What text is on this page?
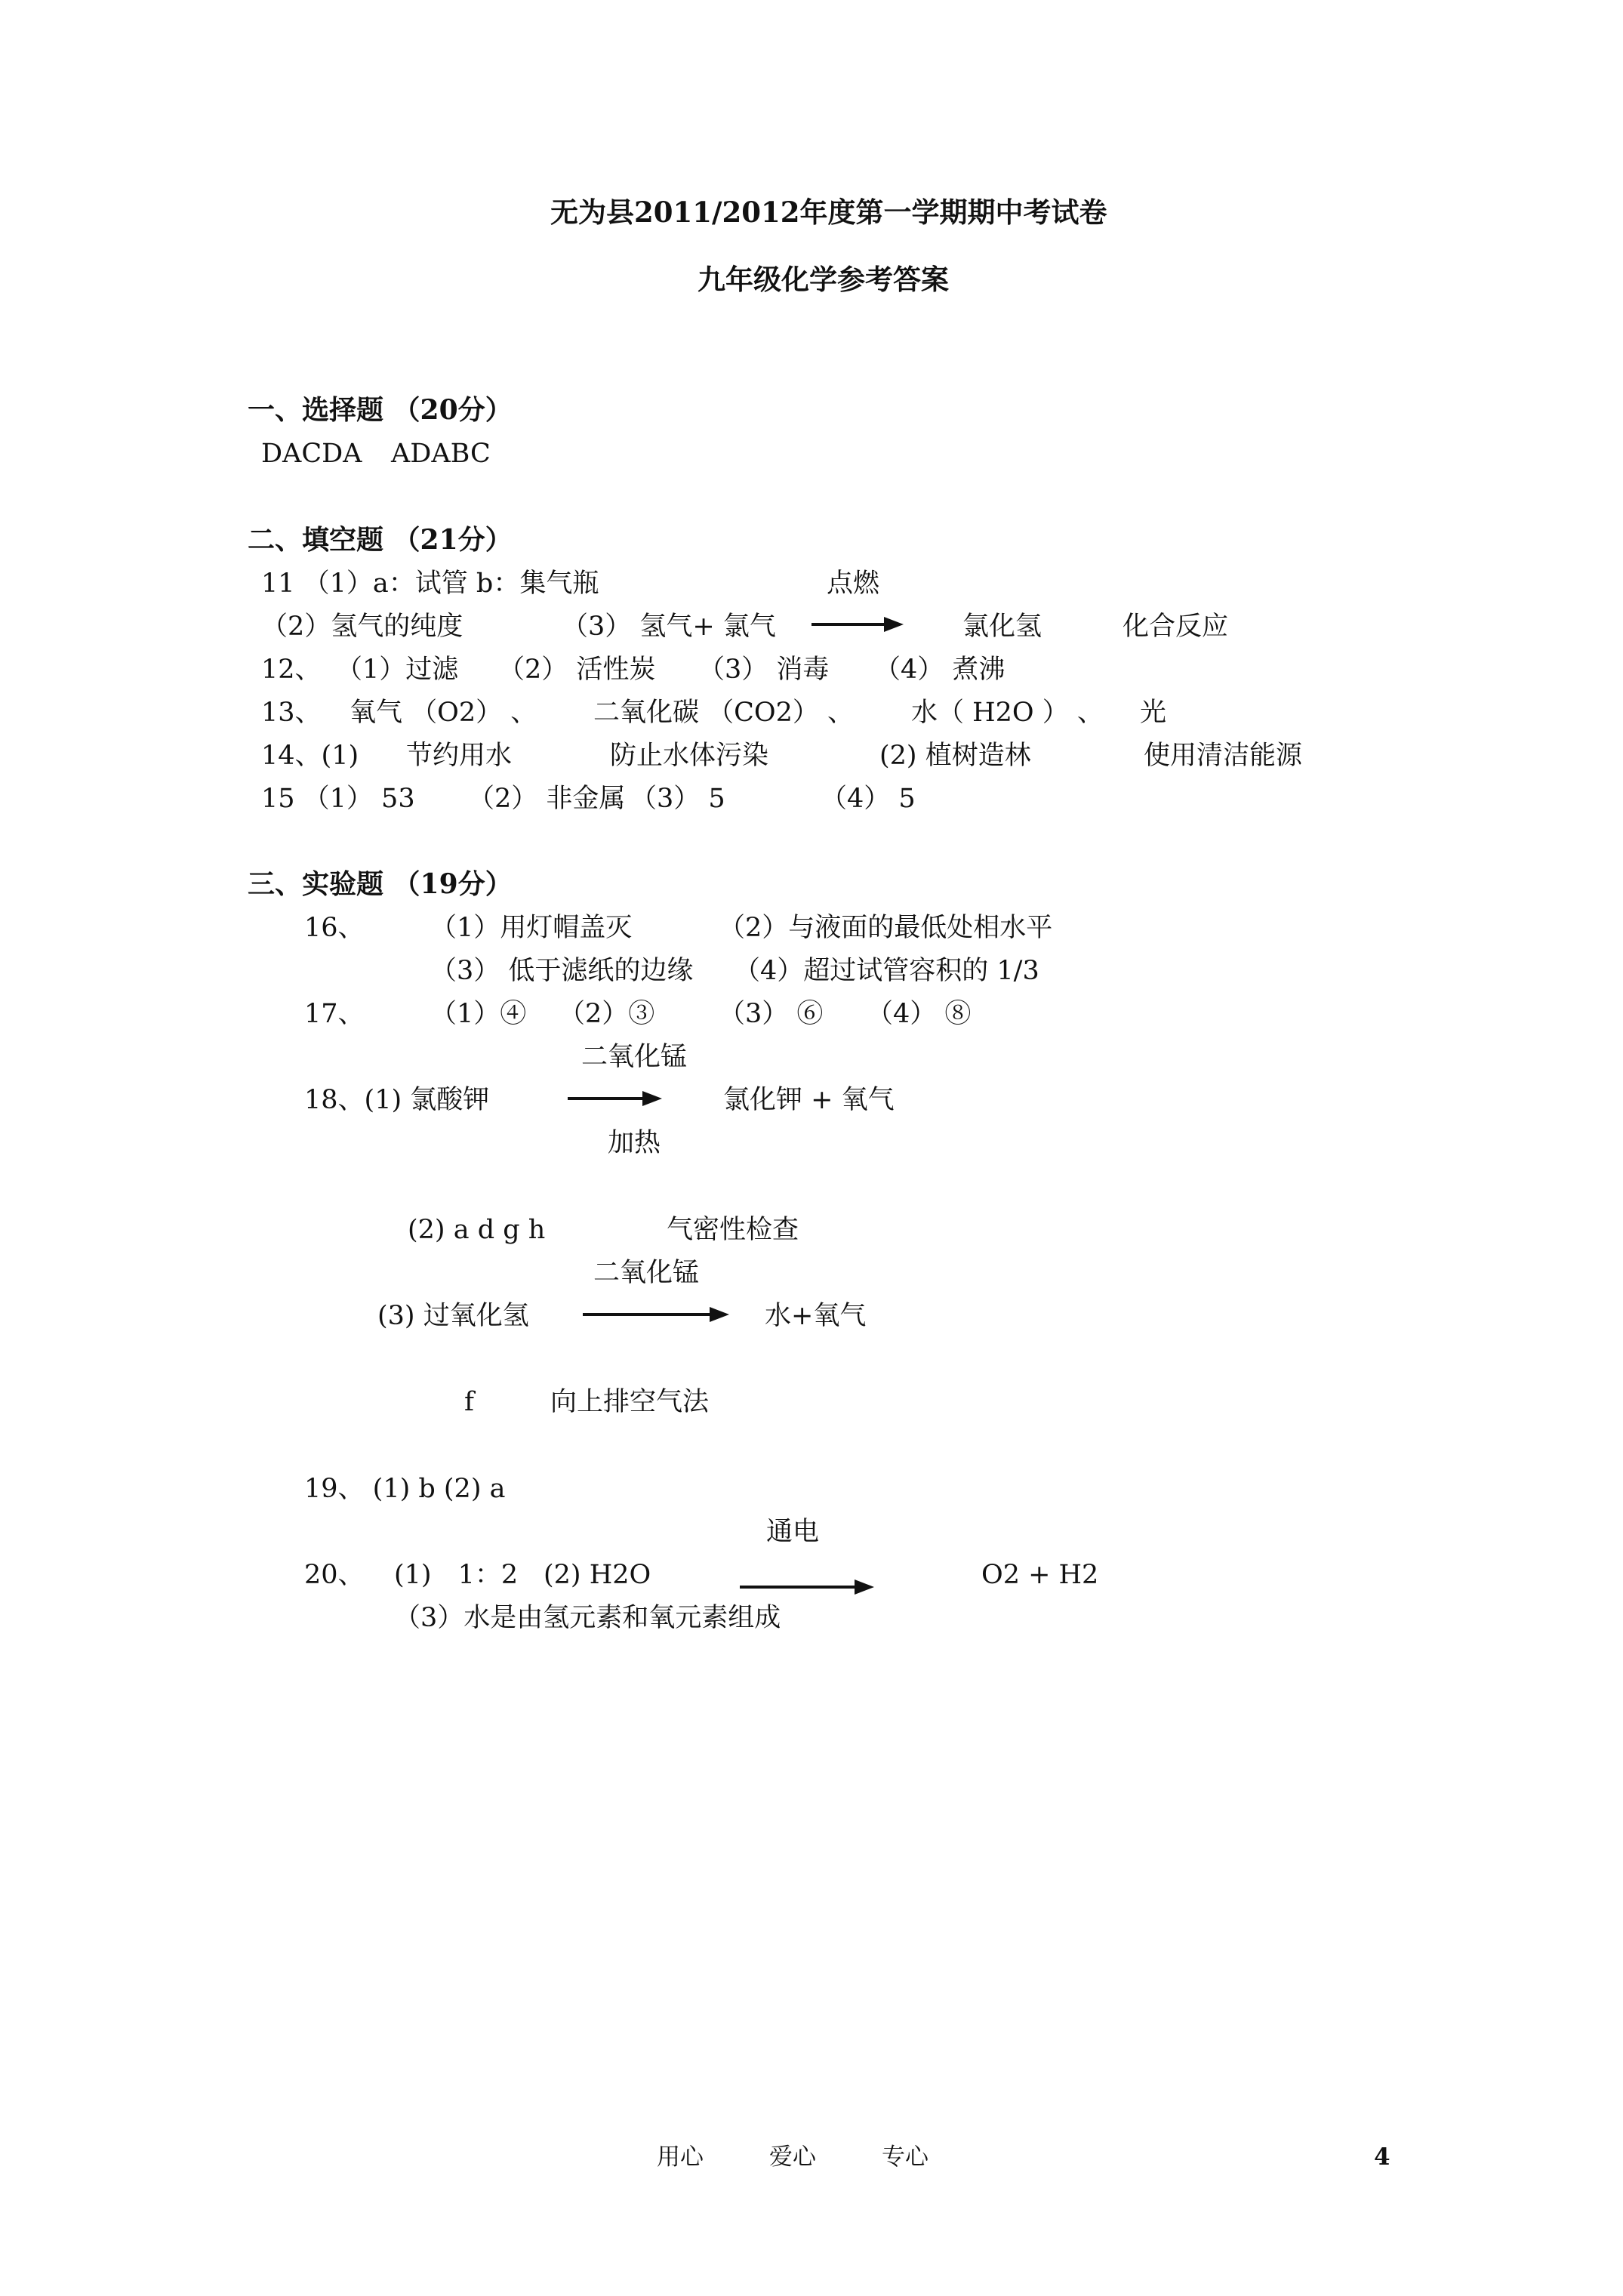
无为县2011/2012年度第一学期期中考试卷
九年级化学参考答案
一、选择题 （20分）
DACDA ADABC
二、填空题 （21分）
11 （1）a：试管 b：集气瓶	点燃
（2）氢气的纯度	（3） 氢气+ 氯气	氯化氢	化合反应
12、 （1）过滤 （2） 活性炭 （3） 消毒 （4） 煮沸
13、 氧气 （O2） 、 二氧化碳 （CO2） 、 水（ H2O ） 、 光
14、(1) 节约用水	防止水体污染	(2) 植树造林	使用清洁能源
15 （1） 53 （2） 非金属 （3） 5	（4） 5
三、实验题 （19分）
16、 （1）用灯帽盖灭	（2）与液面的最低处相水平
（3） 低于滤纸的边缘 （4）超过试管容积的 1/3
17、 （1）④ （2）③ （3） ⑥ （4） ⑧
二氧化锰
18、(1) 氯酸钾	氯化钾 + 氧气
加热
(2) a d g h	气密性检查
二氧化锰
(3) 过氧化氢	水+氧气
f	向上排空气法
19、 (1) b (2) a
通电
20、 (1)　1：2 (2) H2O	O2 + H2
（3）水是由氢元素和氧元素组成
用心	爱心	专心	4
